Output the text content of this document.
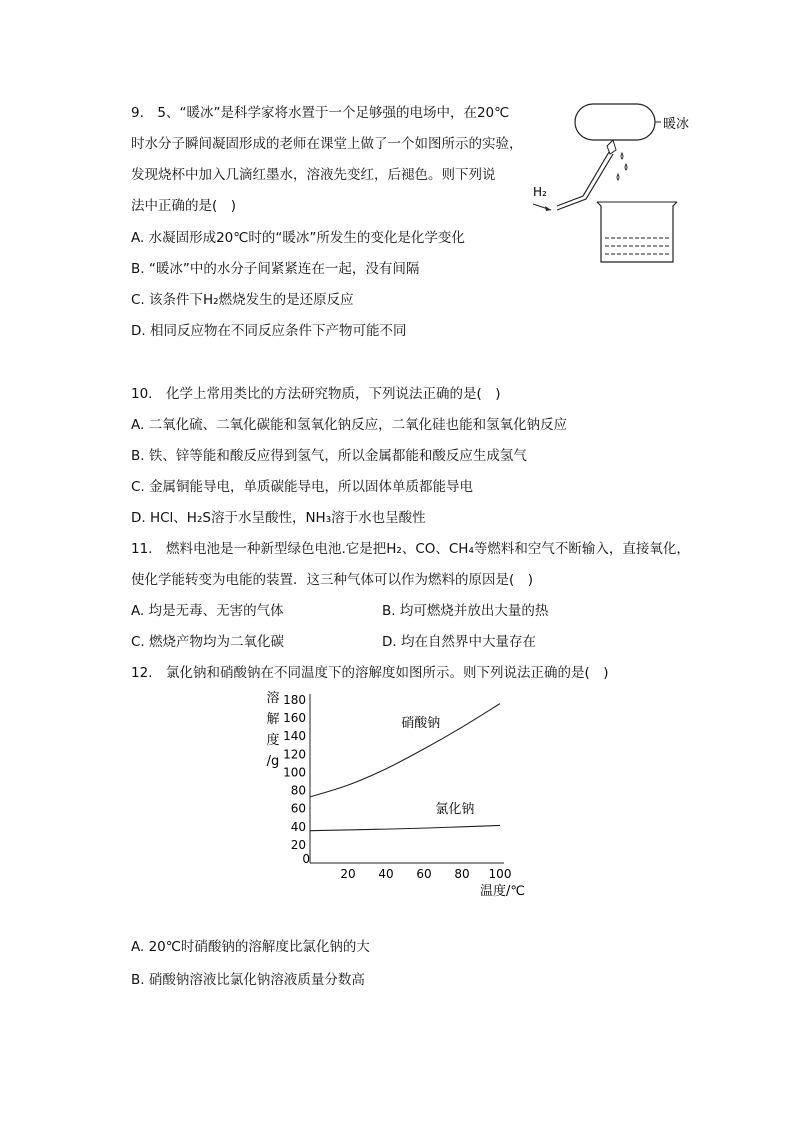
9.　5、“暖冰”是科学家将水置于一个足够强的电场中，在20℃
时水分子瞬间凝固形成的老师在课堂上做了一个如图所示的实验，
发现烧杯中加入几滴红墨水，溶液先变红，后褪色。则下列说
法中正确的是(　)
A. 水凝固形成20℃时的“暖冰”所发生的变化是化学变化
B. “暖冰”中的水分子间紧紧连在一起，没有间隔
C. 该条件下H₂燃烧发生的是还原反应
D. 相同反应物在不同反应条件下产物可能不同
暖冰
H₂
10.　化学上常用类比的方法研究物质，下列说法正确的是(　)
A. 二氧化硫、二氧化碳能和氢氧化钠反应，二氧化硅也能和氢氧化钠反应
B. 铁、锌等能和酸反应得到氢气，所以金属都能和酸反应生成氢气
C. 金属铜能导电，单质碳能导电，所以固体单质都能导电
D. HCl、H₂S溶于水呈酸性，NH₃溶于水也呈酸性
11.　燃料电池是一种新型绿色电池.它是把H₂、CO、CH₄等燃料和空气不断输入，直接氧化，
使化学能转变为电能的装置．这三种气体可以作为燃料的原因是(　)
A. 均是无毒、无害的气体	B. 均可燃烧并放出大量的热
C. 燃烧产物均为二氧化碳	D. 均在自然界中大量存在
12.　氯化钠和硝酸钠在不同温度下的溶解度如图所示。则下列说法正确的是(　)
20
40
60
80
100
120
140
160
180
0
20 40 60 80 100
溶
解
度
/g
温度/℃
硝酸钠
氯化钠
A. 20℃时硝酸钠的溶解度比氯化钠的大
B. 硝酸钠溶液比氯化钠溶液质量分数高
